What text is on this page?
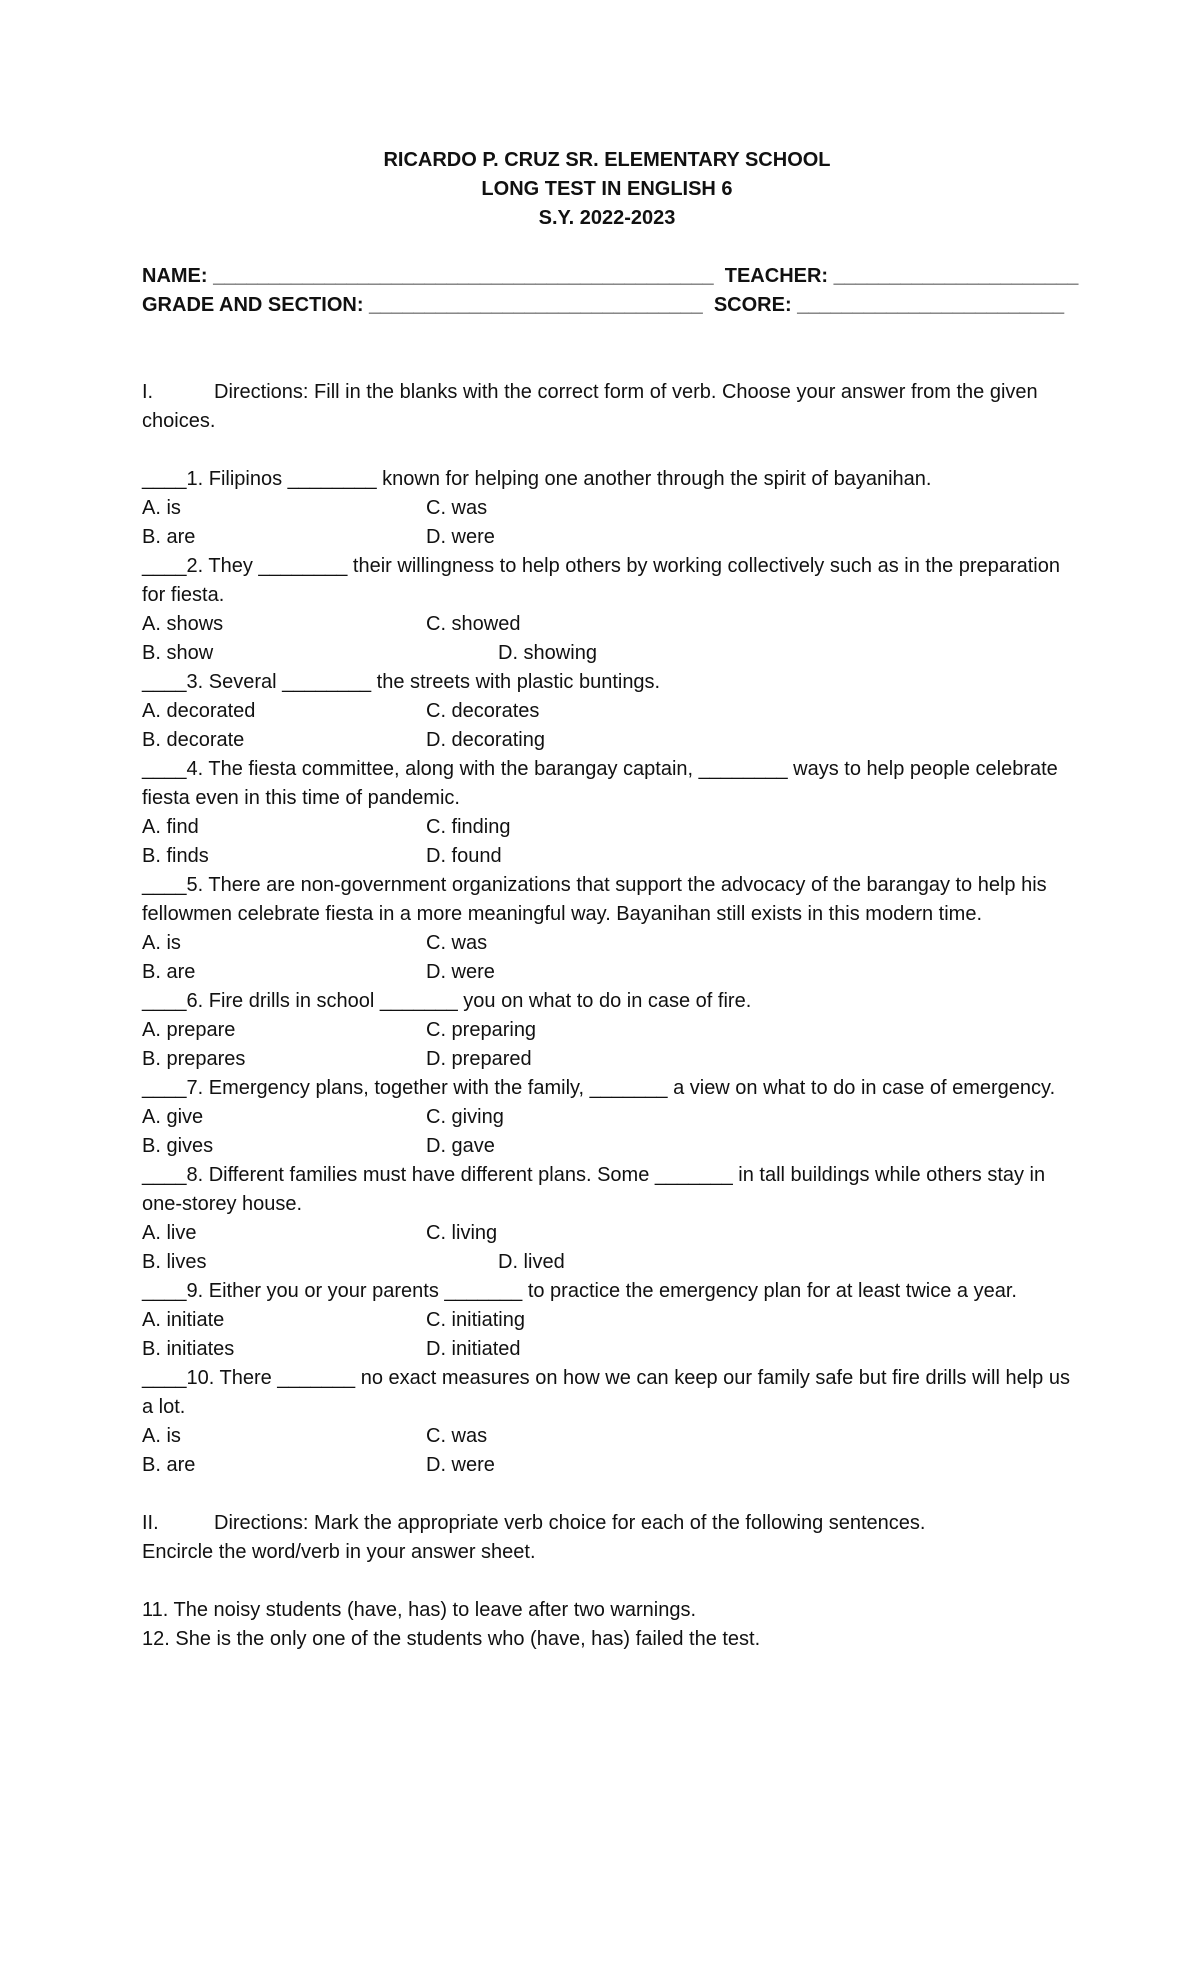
RICARDO P. CRUZ SR. ELEMENTARY SCHOOL
LONG TEST IN ENGLISH 6
S.Y. 2022-2023
NAME: _____________________________________________  TEACHER: ______________________
GRADE AND SECTION: ______________________________  SCORE: ________________________
I.	Directions: Fill in the blanks with the correct form of verb. Choose your answer from the given choices.
____1. Filipinos ________ known for helping one another through the spirit of bayanihan.
A. is
B. are
C. was
D. were
____2. They ________ their willingness to help others by working collectively such as in the preparation
for fiesta.
A. shows
B. show
C. showed
D. showing
____3. Several ________ the streets with plastic buntings.
A. decorated
B. decorate
C. decorates
D. decorating
____4. The fiesta committee, along with the barangay captain, ________ ways to help people celebrate
fiesta even in this time of pandemic.
A. find
B. finds
C. finding
D. found
____5. There are non-government organizations that support the advocacy of the barangay to help his
fellowmen celebrate fiesta in a more meaningful way. Bayanihan still exists in this modern time.
A. is
B. are
C. was
D. were
____6. Fire drills in school _______ you on what to do in case of fire.
A. prepare
B. prepares
C. preparing
D. prepared
____7. Emergency plans, together with the family, _______ a view on what to do in case of emergency.
A. give
B. gives
C. giving
D. gave
____8. Different families must have different plans. Some _______ in tall buildings while others stay in
one-storey house.
A. live
B. lives
C. living
D. lived
____9. Either you or your parents _______ to practice the emergency plan for at least twice a year.
A. initiate
B. initiates
C. initiating
D. initiated
____10. There _______ no exact measures on how we can keep our family safe but fire drills will help us a lot.
A. is
B. are
C. was
D. were
II.	Directions: Mark the appropriate verb choice for each of the following sentences.
Encircle the word/verb in your answer sheet.
11. The noisy students (have, has) to leave after two warnings.
12. She is the only one of the students who (have, has) failed the test.
